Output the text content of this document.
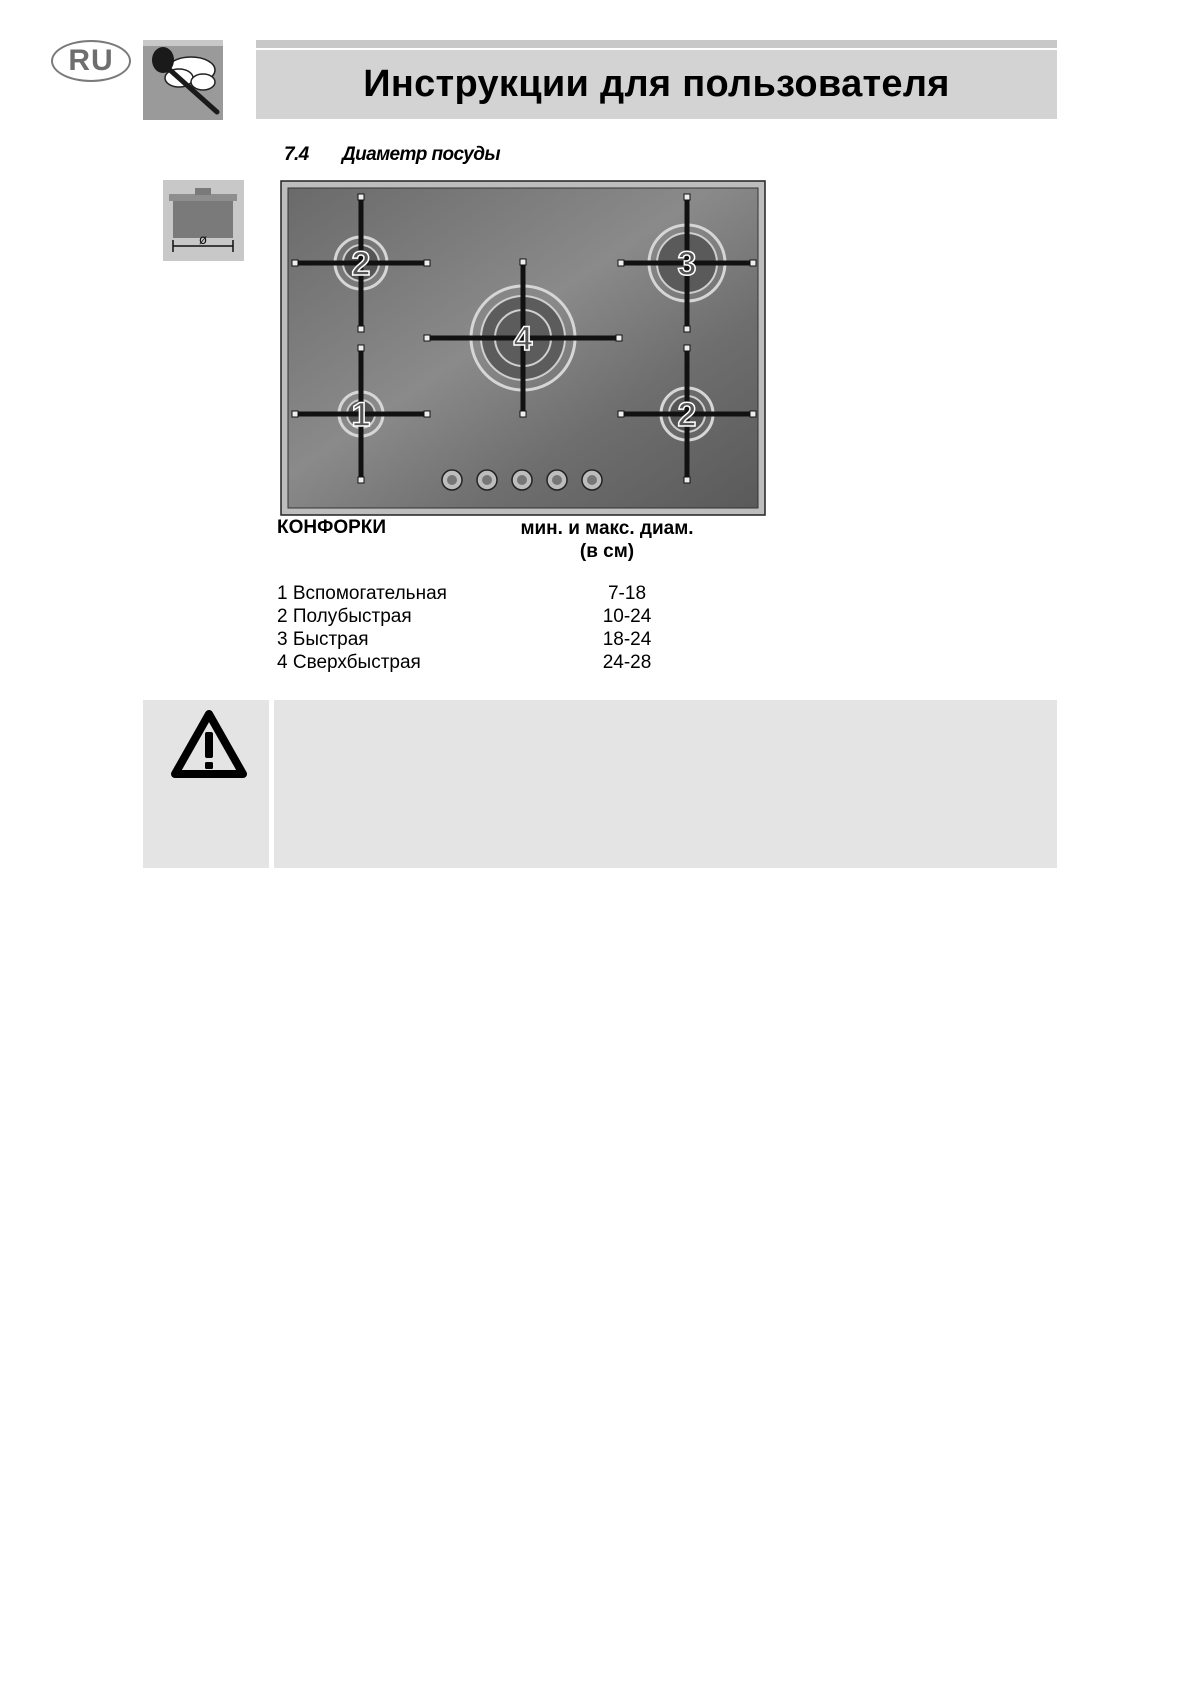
RU
Инструкции для пользователя
7.4 Диаметр посуды
ø
2	3
4
1	2
КОНФОРКИ	мин. и макс. диам.
(в см)
1 Вспомогательная	7-18
2 Полубыстрая	10-24
3 Быстрая	18-24
4 Сверхбыстрая	24-28
